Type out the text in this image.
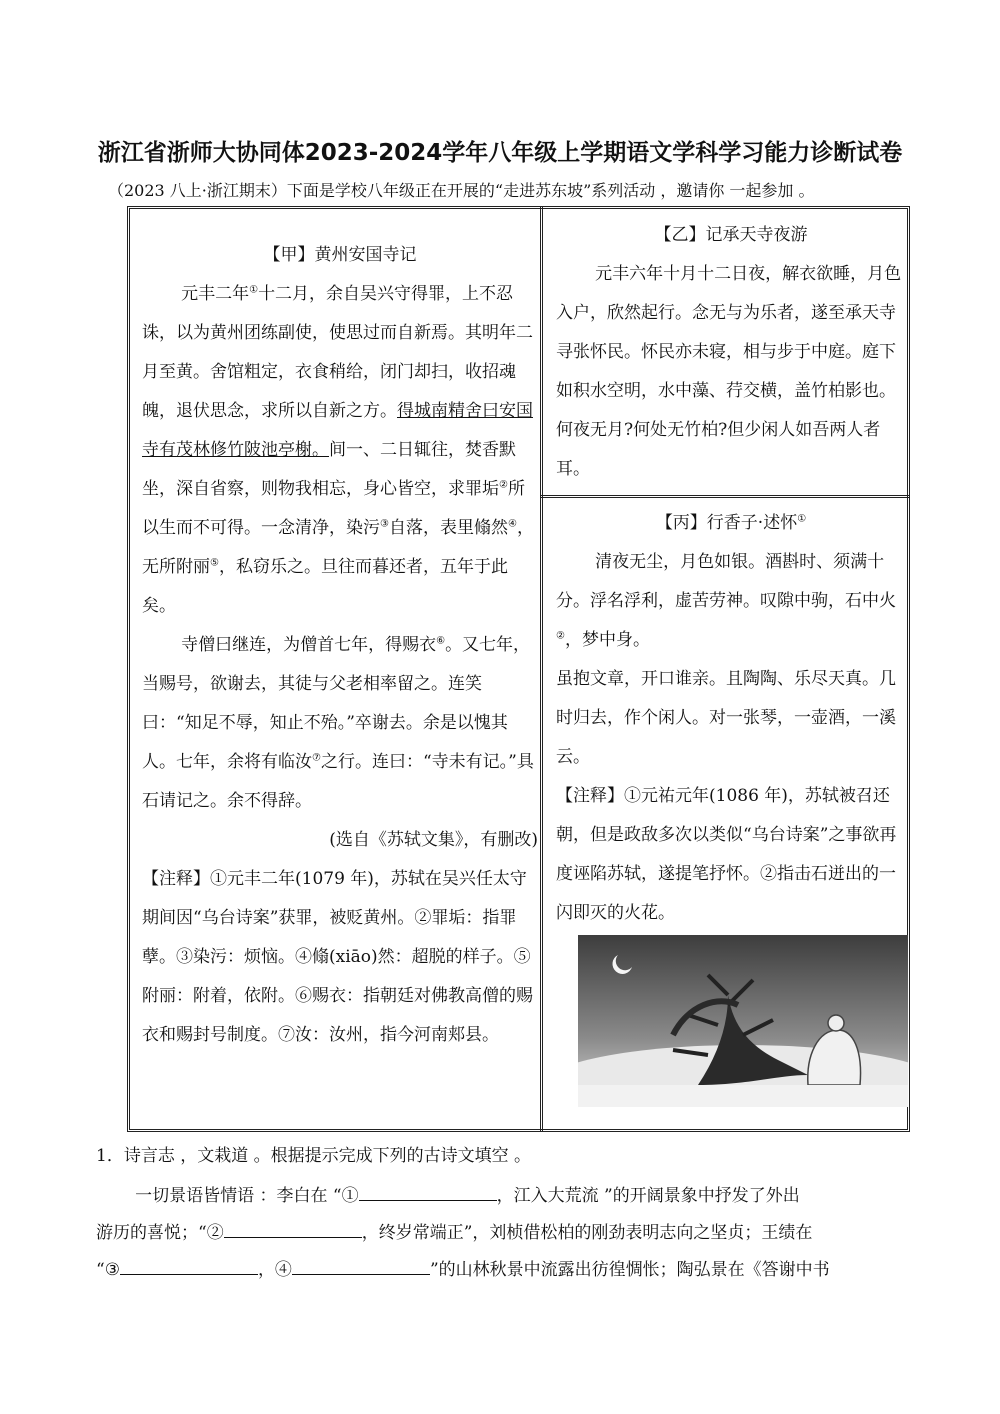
浙江省浙师大协同体2023-2024学年八年级上学期语文学科学习能力诊断试卷
（2023 八上·浙江期末）下面是学校八年级正在开展的“走进苏东坡”系列活动 ，邀请你 一起参加 。

【甲】黄州安国寺记

元丰二年①十二月，余自吴兴守得罪，上不忍诛，以为黄州团练副使，使思过而自新焉。其明年二月至黄。舍馆粗定，衣食稍给，闭门却扫，收招魂魄，退伏思念，求所以自新之方。得城南精舍曰安国寺有茂林修竹陂池亭榭。间一、二日辄往，焚香默坐，深自省察，则物我相忘，身心皆空，求罪垢②所以生而不可得。一念清净，染污③自落，表里翛然④，无所附丽⑤，私窃乐之。旦往而暮还者，五年于此矣。

寺僧曰继连，为僧首七年，得赐衣⑥。又七年，当赐号，欲谢去，其徒与父老相率留之。连笑曰：“知足不辱，知止不殆。”卒谢去。余是以愧其人。七年，余将有临汝⑦之行。连曰：“寺未有记。”具石请记之。余不得辞。

(选自《苏轼文集》，有删改)

【注释】①元丰二年(1079 年)，苏轼在吴兴任太守期间因“乌台诗案”获罪，被贬黄州。②罪垢：指罪孽。③染污：烦恼。④翛(xiāo)然：超脱的样子。⑤附丽：附着，依附。⑥赐衣：指朝廷对佛教高僧的赐衣和赐封号制度。⑦汝：汝州，指今河南郏县。

【乙】记承天寺夜游

元丰六年十月十二日夜，解衣欲睡，月色入户，欣然起行。念无与为乐者，遂至承天寺寻张怀民。怀民亦未寝，相与步于中庭。庭下如积水空明，水中藻、荇交横，盖竹柏影也。何夜无月?何处无竹柏?但少闲人如吾两人者耳。

【丙】行香子·述怀①

清夜无尘，月色如银。酒斟时、须满十分。浮名浮利，虚苦劳神。叹隙中驹，石中火②，梦中身。

虽抱文章，开口谁亲。且陶陶、乐尽天真。几时归去，作个闲人。对一张琴，一壶酒，一溪云。

【注释】①元祐元年(1086 年)，苏轼被召还朝，但是政敌多次以类似“乌台诗案”之事欲再度诬陷苏轼，遂提笔抒怀。②指击石迸出的一闪即灭的火花。

1．诗言志 ，文栽道 。根据提示完成下列的古诗文填空 。

一切景语皆情语 ：李白在 “①	，江入大荒流 ”的开阔景象中抒发了外出

游历的喜悦；“②	，终岁常端正”，刘桢借松柏的刚劲表明志向之坚贞；王绩在

“③	，④	”的山林秋景中流露出彷徨惆怅；陶弘景在《答谢中书
